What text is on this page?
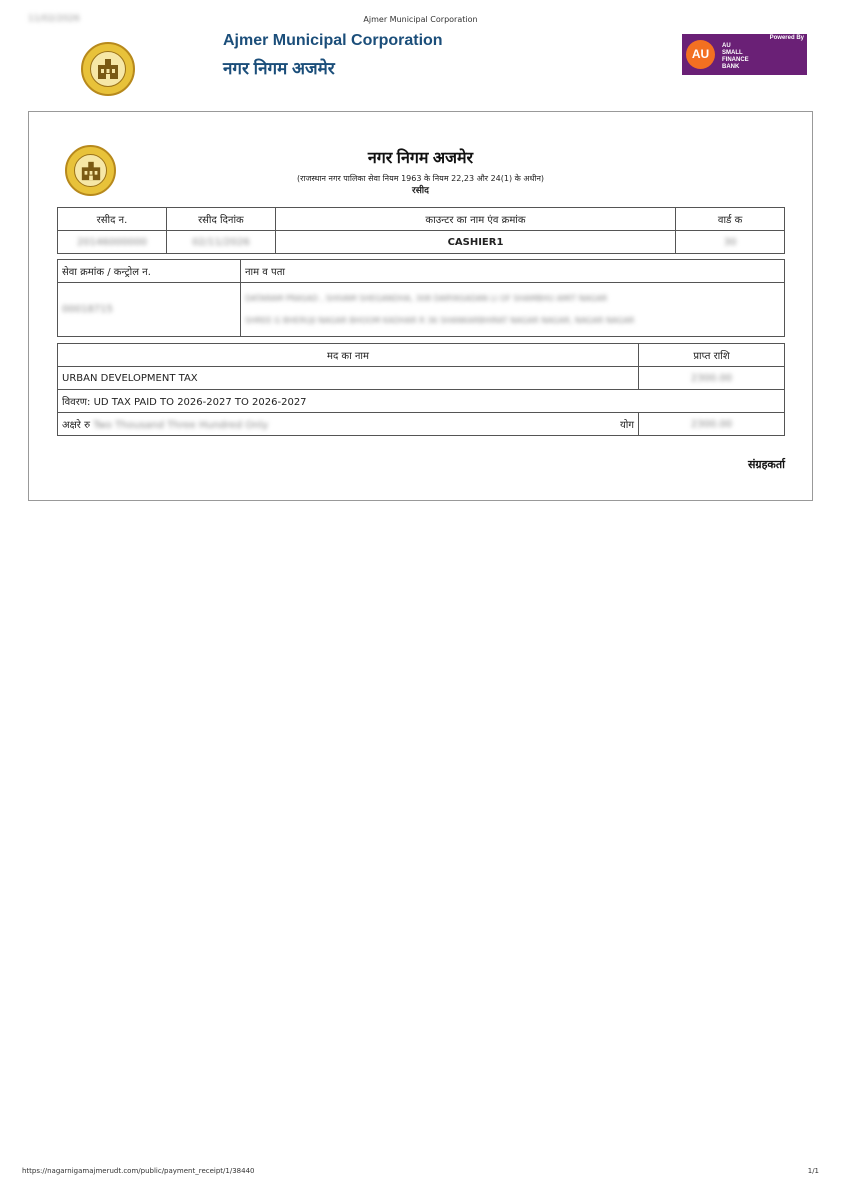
11/02/2026	Ajmer Municipal Corporation
Ajmer Municipal Corporation
नगर निगम अजमेर
AU
Powered By
AU
SMALL
FINANCE
BANK
नगर निगम अजमेर
(राजस्थान नगर पालिका सेवा नियम 1963 के नियम 22,23 और 24(1) के अधीन)
रसीद
रसीद न.	रसीद दिनांक	काउन्टर का नाम एंव क्रमांक	वार्ड क
20146000000	02/11/2026	CASHIER1	30
सेवा क्रमांक / कन्ट्रोल न.	नाम व पता
00018715	DATARAM PRASAD , SHIVAM SHEGANDHA, 308 DARYASADAN LI OF SHAMBHU AMIT NAGAR
SHREE G BHERUJI NAGAR BHOOM KADHAR R 36 SHANKARBHIRAT NAGAR NAGAR, NAGAR NAGAR
मद का नाम	प्राप्त राशि
URBAN DEVELOPMENT TAX	2300.00
विवरण: UD TAX PAID TO 2026-2027 TO 2026-2027	
अक्षरे रु Two Thousand Three Hundred Only योग	2300.00
संग्रहकर्ता
https://nagarnigamajmerudt.com/public/payment_receipt/1/38440	1/1
